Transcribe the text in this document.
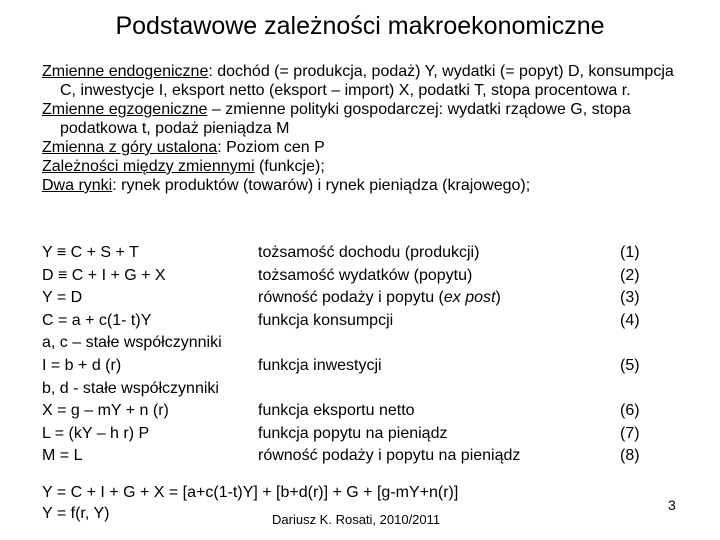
Podstawowe zależności makroekonomiczne
Zmienne endogeniczne: dochód (= produkcja, podaż) Y, wydatki (= popyt) D, konsumpcja C, inwestycje I, eksport netto (eksport – import) X, podatki T, stopa procentowa r.
Zmienne egzogeniczne – zmienne polityki gospodarczej: wydatki rządowe G, stopa podatkowa t, podaż pieniądza M
Zmienna z góry ustalona: Poziom cen P
Zależności między zmiennymi (funkcje);
Dwa rynki: rynek produktów (towarów) i rynek pieniądza (krajowego);
Y ≡ C + S + T	tożsamość dochodu (produkcji)	(1)
D ≡ C + I + G + X	tożsamość wydatków (popytu)	(2)
Y = D	równość podaży i popytu (ex post)	(3)
C = a + c(1- t)Y	funkcja konsumpcji	(4)
a, c – stałe współczynniki
I = b + d (r)	funkcja inwestycji	(5)
b, d - stałe współczynniki
X = g – mY + n (r)	funkcja eksportu netto	(6)
L = (kY – h r) P	funkcja popytu na pieniądz	(7)
M = L	równość podaży i popytu na pieniądz	(8)
Y = C + I + G + X = [a+c(1-t)Y] + [b+d(r)] + G + [g-mY+n(r)]
Y = f(r, Y)	Dariusz K. Rosati, 2010/2011
3
